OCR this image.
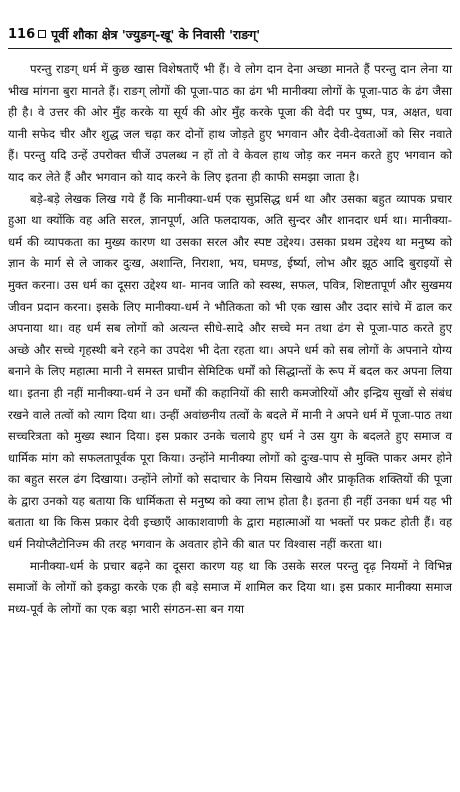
116 पूर्वी शौका क्षेत्र 'ज्युङग्-खू' के निवासी 'राङग्'

परन्तु राङग् धर्म में कुछ खास विशेषताएँ भी हैं। वे लोग दान देना अच्छा मानते हैं परन्तु दान लेना या भीख मांगना बुरा मानते हैं। राङग् लोगों की पूजा-पाठ का ढंग भी मानीक्या लोगों के पूजा-पाठ के ढंग जैसा ही है। वे उत्तर की ओर मुँह करके या सूर्य की ओर मुँह करके पूजा की वेदी पर पुष्प, पत्र, अक्षत, धवा यानी सफेद चीर और शुद्ध जल चढ़ा कर दोनों हाथ जोड़ते हुए भगवान और देवी-देवताओं को सिर नवाते हैं। परन्तु यदि उन्हें उपरोक्त चीजें उपलब्ध न हों तो वे केवल हाथ जोड़ कर नमन करते हुए भगवान को याद कर लेते हैं और भगवान को याद करने के लिए इतना ही काफी समझा जाता है।

बड़े-बड़े लेखक लिख गये हैं कि मानीक्या-धर्म एक सुप्रसिद्ध धर्म था और उसका बहुत व्यापक प्रचार हुआ था क्योंकि वह अति सरल, ज्ञानपूर्ण, अति फलदायक, अति सुन्दर और शानदार धर्म था। मानीक्या-धर्म की व्यापकता का मुख्य कारण था उसका सरल और स्पष्ट उद्देश्य। उसका प्रथम उद्देश्य था मनुष्य को ज्ञान के मार्ग से ले जाकर दुःख, अशान्ति, निराशा, भय, घमण्ड, ईर्ष्या, लोभ और झूठ आदि बुराइयों से मुक्त करना। उस धर्म का दूसरा उद्देश्य था- मानव जाति को स्वस्थ, सफल, पवित्र, शिष्टतापूर्ण और सुखमय जीवन प्रदान करना। इसके लिए मानीक्या-धर्म ने भौतिकता को भी एक खास और उदार सांचे में ढाल कर अपनाया था। वह धर्म सब लोगों को अत्यन्त सीधे-सादे और सच्चे मन तथा ढंग से पूजा-पाठ करते हुए अच्छे और सच्चे गृहस्थी बने रहने का उपदेश भी देता रहता था। अपने धर्म को सब लोगों के अपनाने योग्य बनाने के लिए महात्मा मानी ने समस्त प्राचीन सेमिटिक धर्मों को सिद्धान्तों के रूप में बदल कर अपना लिया था। इतना ही नहीं मानीक्या-धर्म ने उन धर्मों की कहानियों की सारी कमजोरियों और इन्द्रिय सुखों से संबंध रखने वाले तत्वों को त्याग दिया था। उन्हीं अवांछनीय तत्वों के बदले में मानी ने अपने धर्म में पूजा-पाठ तथा सच्चरित्रता को मुख्य स्थान दिया। इस प्रकार उनके चलाये हुए धर्म ने उस युग के बदलते हुए समाज व धार्मिक मांग को सफलतापूर्वक पूरा किया। उन्होंने मानीक्या लोगों को दुःख-पाप से मुक्ति पाकर अमर होने का बहुत सरल ढंग दिखाया। उन्होंने लोगों को सदाचार के नियम सिखाये और प्राकृतिक शक्तियों की पूजा के द्वारा उनको यह बताया कि धार्मिकता से मनुष्य को क्या लाभ होता है। इतना ही नहीं उनका धर्म यह भी बताता था कि किस प्रकार देवी इच्छाएँ आकाशवाणी के द्वारा महात्माओं या भक्तों पर प्रकट होती हैं। वह धर्म नियोप्लैटोनिज्म की तरह भगवान के अवतार होने की बात पर विश्वास नहीं करता था।

मानीक्या-धर्म के प्रचार बढ़ने का दूसरा कारण यह था कि उसके सरल परन्तु दृढ़ नियमों ने विभिन्न समाजों के लोगों को इकट्ठा करके एक ही बड़े समाज में शामिल कर दिया था। इस प्रकार मानीक्या समाज मध्य-पूर्व के लोगों का एक बड़ा भारी संगठन-सा बन गया
